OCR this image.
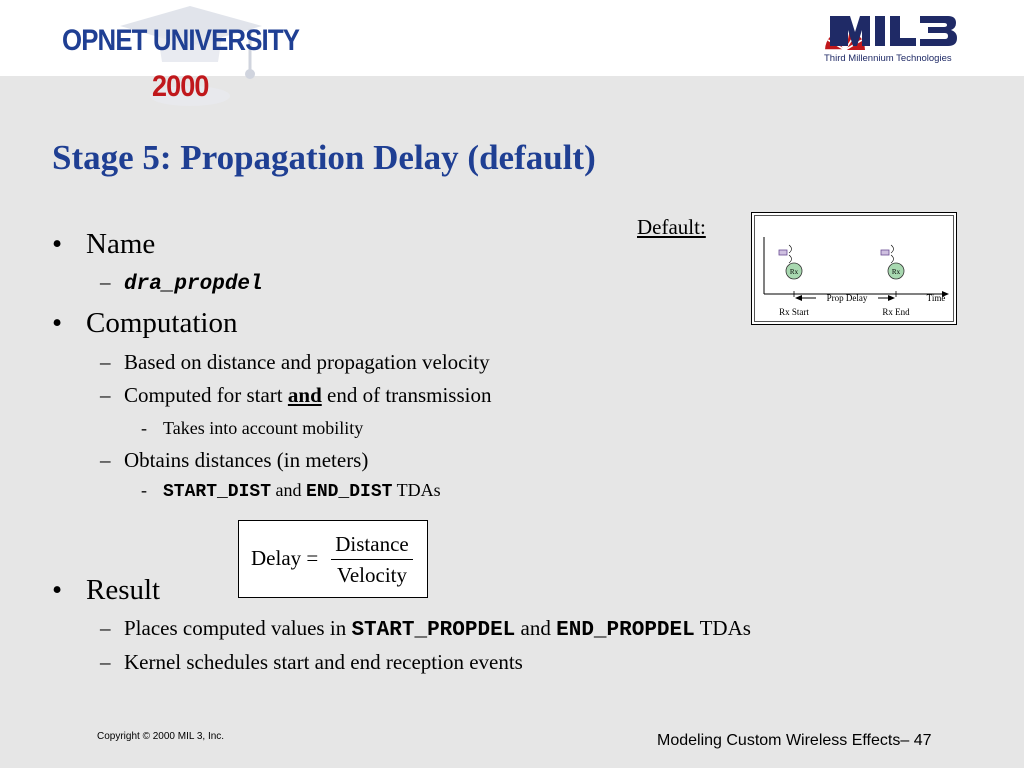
OPNET UNIVERSITY
2000
Third Millennium Technologies
Stage 5: Propagation Delay (default)
• Name
– dra_propdel
• Computation
– Based on distance and propagation velocity
– Computed for start and end of transmission
- Takes into account mobility
– Obtains distances (in meters)
- START_DIST and END_DIST TDAs
• Result
– Places computed values in START_PROPDEL and END_PROPDEL TDAs
– Kernel schedules start and end reception events
Default:
Rx	Rx
Prop Delay	Time
Rx Start	Rx End
Delay =
Distance
Velocity
Copyright © 2000 MIL 3, Inc.	Modeling Custom Wireless Effects– 47
